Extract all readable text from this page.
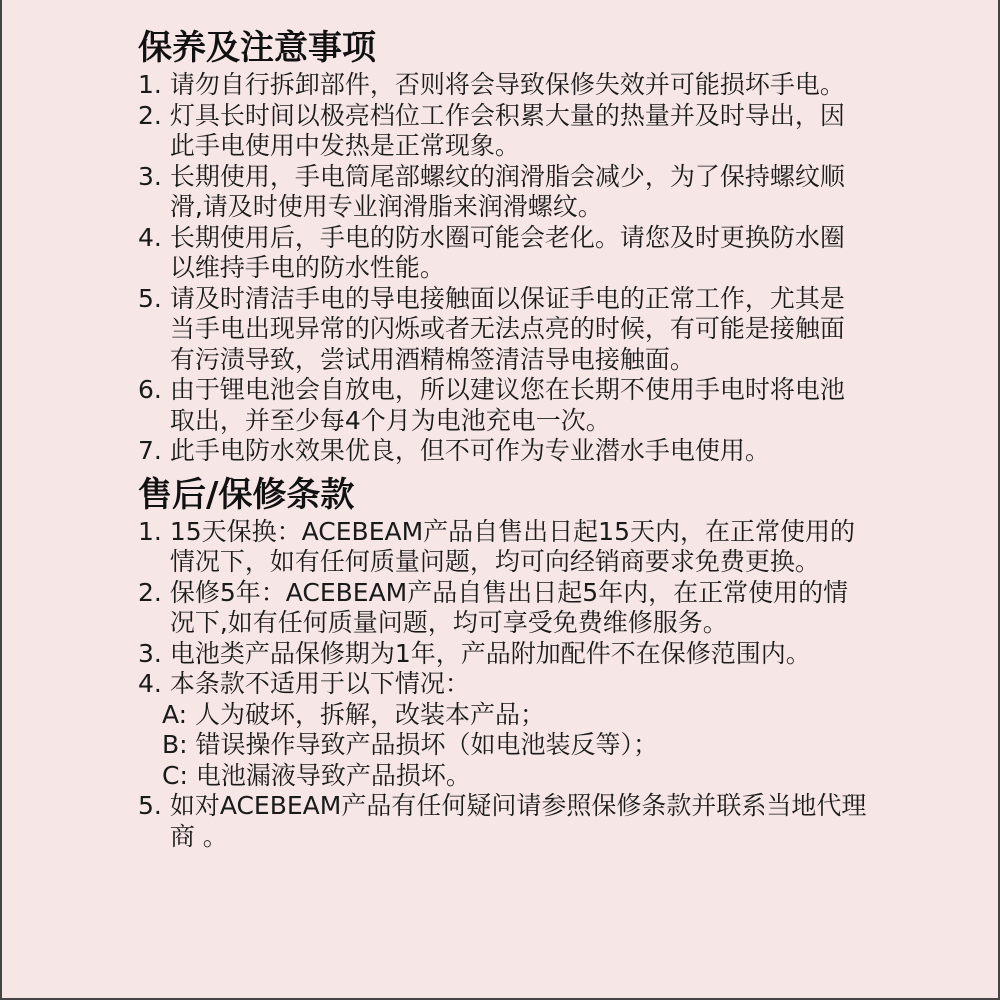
保养及注意事项
1. 请勿自行拆卸部件，否则将会导致保修失效并可能损坏手电。
2. 灯具长时间以极亮档位工作会积累大量的热量并及时导出，因此手电使用中发热是正常现象。
3. 长期使用，手电筒尾部螺纹的润滑脂会减少，为了保持螺纹顺滑,请及时使用专业润滑脂来润滑螺纹。
4. 长期使用后，手电的防水圈可能会老化。请您及时更换防水圈以维持手电的防水性能。
5. 请及时清洁手电的导电接触面以保证手电的正常工作，尤其是当手电出现异常的闪烁或者无法点亮的时候，有可能是接触面有污渍导致，尝试用酒精棉签清洁导电接触面。
6. 由于锂电池会自放电，所以建议您在长期不使用手电时将电池取出，并至少每4个月为电池充电一次。
7. 此手电防水效果优良，但不可作为专业潜水手电使用。
售后/保修条款
1. 15天保换：ACEBEAM产品自售出日起15天内，在正常使用的情况下，如有任何质量问题，均可向经销商要求免费更换。
2. 保修5年：ACEBEAM产品自售出日起5年内，在正常使用的情况下,如有任何质量问题，均可享受免费维修服务。
3. 电池类产品保修期为1年，产品附加配件不在保修范围内。
4. 本条款不适用于以下情况：
A: 人为破坏，拆解，改装本产品；
B: 错误操作导致产品损坏（如电池装反等）；
C: 电池漏液导致产品损坏。
5. 如对ACEBEAM产品有任何疑问请参照保修条款并联系当地代理商 。
